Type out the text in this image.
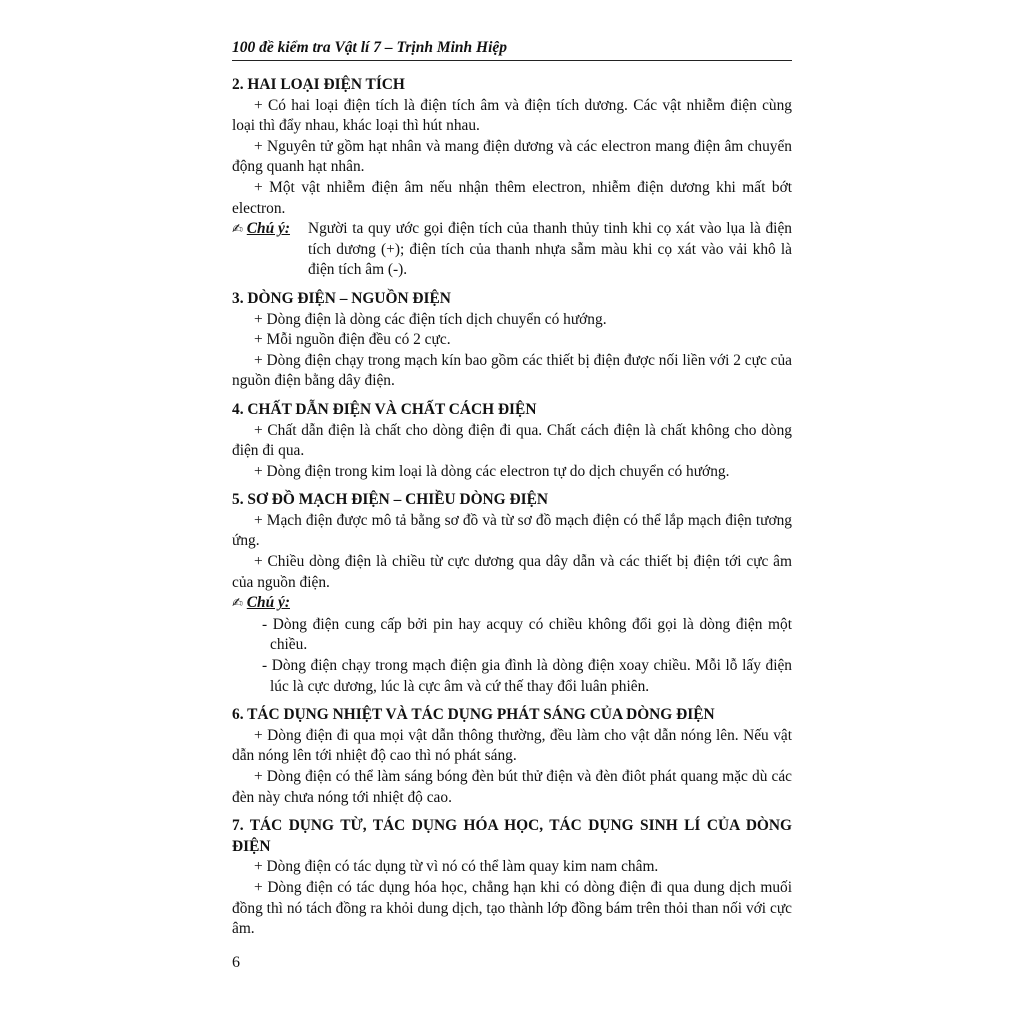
100 đề kiểm tra Vật lí 7 – Trịnh Minh Hiệp
2. HAI LOẠI ĐIỆN TÍCH

+ Có hai loại điện tích là điện tích âm và điện tích dương. Các vật nhiễm điện cùng loại thì đẩy nhau, khác loại thì hút nhau.

+ Nguyên tử gồm hạt nhân và mang điện dương và các electron mang điện âm chuyển động quanh hạt nhân.

+ Một vật nhiễm điện âm nếu nhận thêm electron, nhiễm điện dương khi mất bớt electron.

✍ Chú ý: Người ta quy ước gọi điện tích của thanh thủy tinh khi cọ xát vào lụa là điện tích dương (+); điện tích của thanh nhựa sẫm màu khi cọ xát vào vải khô là điện tích âm (-).
3. DÒNG ĐIỆN – NGUỒN ĐIỆN

+ Dòng điện là dòng các điện tích dịch chuyển có hướng.

+ Mỗi nguồn điện đều có 2 cực.

+ Dòng điện chạy trong mạch kín bao gồm các thiết bị điện được nối liền với 2 cực của nguồn điện bằng dây điện.

4. CHẤT DẪN ĐIỆN VÀ CHẤT CÁCH ĐIỆN

+ Chất dẫn điện là chất cho dòng điện đi qua. Chất cách điện là chất không cho dòng điện đi qua.

+ Dòng điện trong kim loại là dòng các electron tự do dịch chuyển có hướng.

5. SƠ ĐỒ MẠCH ĐIỆN – CHIỀU DÒNG ĐIỆN

+ Mạch điện được mô tả bằng sơ đồ và từ sơ đồ mạch điện có thể lắp mạch điện tương ứng.

+ Chiều dòng điện là chiều từ cực dương qua dây dẫn và các thiết bị điện tới cực âm của nguồn điện.

✍ Chú ý:

- Dòng điện cung cấp bởi pin hay acquy có chiều không đổi gọi là dòng điện một chiều.

- Dòng điện chạy trong mạch điện gia đình là dòng điện xoay chiều. Mỗi lỗ lấy điện lúc là cực dương, lúc là cực âm và cứ thế thay đổi luân phiên.

6. TÁC DỤNG NHIỆT VÀ TÁC DỤNG PHÁT SÁNG CỦA DÒNG ĐIỆN

+ Dòng điện đi qua mọi vật dẫn thông thường, đều làm cho vật dẫn nóng lên. Nếu vật dẫn nóng lên tới nhiệt độ cao thì nó phát sáng.

+ Dòng điện có thể làm sáng bóng đèn bút thử điện và đèn điôt phát quang mặc dù các đèn này chưa nóng tới nhiệt độ cao.

7. TÁC DỤNG TỪ, TÁC DỤNG HÓA HỌC, TÁC DỤNG SINH LÍ CỦA DÒNG ĐIỆN

+ Dòng điện có tác dụng từ vì nó có thể làm quay kim nam châm.

+ Dòng điện có tác dụng hóa học, chẳng hạn khi có dòng điện đi qua dung dịch muối đồng thì nó tách đồng ra khỏi dung dịch, tạo thành lớp đồng bám trên thỏi than nối với cực âm.

6
